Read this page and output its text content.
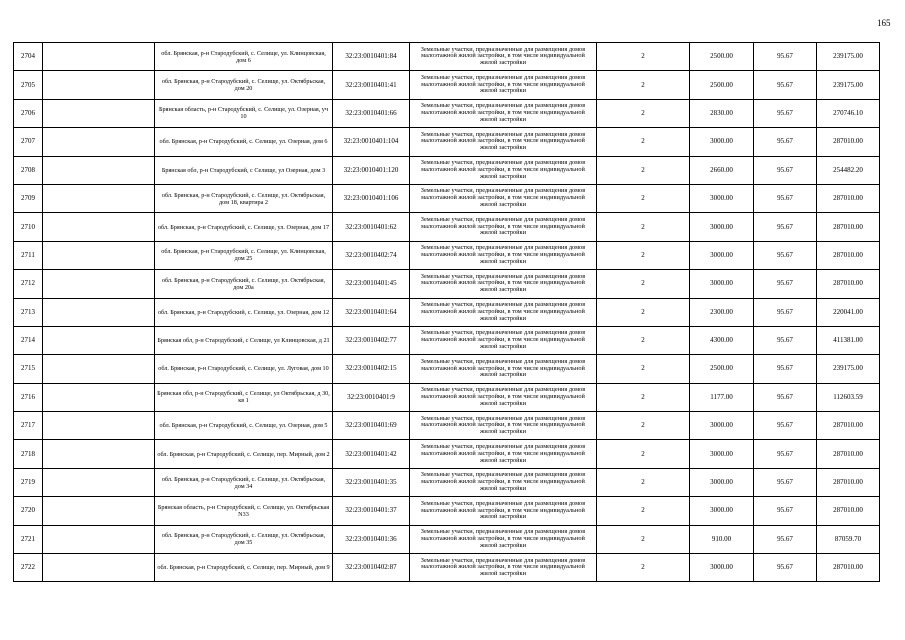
165
2704		обл. Брянская, р-н Стародубский, с. Селище, ул. Клинцовская, дом 6	32:23:0010401:84	Земельные участки, предназначенные для размещения домов малоэтажной жилой застройки, в том числе индивидуальной жилой застройки	2	2500.00	95.67	239175.00
2705		обл. Брянская, р-н Стародубский, с. Селище, ул. Октябрьская, дом 20	32:23:0010401:41	Земельные участки, предназначенные для размещения домов малоэтажной жилой застройки, в том числе индивидуальной жилой застройки	2	2500.00	95.67	239175.00
2706		Брянская область, р-н Стародубский, с. Селище, ул. Озерная, уч 10	32:23:0010401:66	Земельные участки, предназначенные для размещения домов малоэтажной жилой застройки, в том числе индивидуальной жилой застройки	2	2830.00	95.67	270746.10
2707		обл. Брянская, р-н Стародубский, с. Селище, ул. Озерная, дом 6	32:23:0010401:104	Земельные участки, предназначенные для размещения домов малоэтажной жилой застройки, в том числе индивидуальной жилой застройки	2	3000.00	95.67	287010.00
2708		Брянская обл, р-н Стародубский, с Селище, ул Озерная, дом 3	32:23:0010401:120	Земельные участки, предназначенные для размещения домов малоэтажной жилой застройки, в том числе индивидуальной жилой застройки	2	2660.00	95.67	254482.20
2709		обл. Брянская, р-н Стародубский, с. Селище, ул. Октябрьская, дом 18, квартира 2	32:23:0010401:106	Земельные участки, предназначенные для размещения домов малоэтажной жилой застройки, в том числе индивидуальной жилой застройки	2	3000.00	95.67	287010.00
2710		обл. Брянская, р-н Стародубский, с. Селище, ул. Озерная, дом 17	32:23:0010401:62	Земельные участки, предназначенные для размещения домов малоэтажной жилой застройки, в том числе индивидуальной жилой застройки	2	3000.00	95.67	287010.00
2711		обл. Брянская, р-н Стародубский, с. Селище, ул. Клинцовская, дом 25	32:23:0010402:74	Земельные участки, предназначенные для размещения домов малоэтажной жилой застройки, в том числе индивидуальной жилой застройки	2	3000.00	95.67	287010.00
2712		обл. Брянская, р-н Стародубский, с. Селище, ул. Октябрьская, дом 20а	32:23:0010401:45	Земельные участки, предназначенные для размещения домов малоэтажной жилой застройки, в том числе индивидуальной жилой застройки	2	3000.00	95.67	287010.00
2713		обл. Брянская, р-н Стародубский, с. Селище, ул. Озерная, дом 12	32:23:0010401:64	Земельные участки, предназначенные для размещения домов малоэтажной жилой застройки, в том числе индивидуальной жилой застройки	2	2300.00	95.67	220041.00
2714		Брянская обл, р-н Стародубский, с Селище, ул Клинцовская, д 21	32:23:0010402:77	Земельные участки, предназначенные для размещения домов малоэтажной жилой застройки, в том числе индивидуальной жилой застройки	2	4300.00	95.67	411381.00
2715		обл. Брянская, р-н Стародубский, с. Селище, ул. Луговая, дом 10	32:23:0010402:15	Земельные участки, предназначенные для размещения домов малоэтажной жилой застройки, в том числе индивидуальной жилой застройки	2	2500.00	95.67	239175.00
2716		Брянская обл, р-н Стародубский, с Селище, ул Октябрьская, д 30, кв 1	32:23:0010401:9	Земельные участки, предназначенные для размещения домов малоэтажной жилой застройки, в том числе индивидуальной жилой застройки	2	1177.00	95.67	112603.59
2717		обл. Брянская, р-н Стародубский, с. Селище, ул. Озерная, дом 5	32:23:0010401:69	Земельные участки, предназначенные для размещения домов малоэтажной жилой застройки, в том числе индивидуальной жилой застройки	2	3000.00	95.67	287010.00
2718		обл. Брянская, р-н Стародубский, с. Селище, пер. Мирный, дом 2	32:23:0010401:42	Земельные участки, предназначенные для размещения домов малоэтажной жилой застройки, в том числе индивидуальной жилой застройки	2	3000.00	95.67	287010.00
2719		обл. Брянская, р-н Стародубский, с. Селище, ул. Октябрьская, дом 34	32:23:0010401:35	Земельные участки, предназначенные для размещения домов малоэтажной жилой застройки, в том числе индивидуальной жилой застройки	2	3000.00	95.67	287010.00
2720		Брянская область, р-н Стародубский, с. Селище, ул. Октябрьская N33	32:23:0010401:37	Земельные участки, предназначенные для размещения домов малоэтажной жилой застройки, в том числе индивидуальной жилой застройки	2	3000.00	95.67	287010.00
2721		обл. Брянская, р-н Стародубский, с. Селище, ул. Октябрьская, дом 35	32:23:0010401:36	Земельные участки, предназначенные для размещения домов малоэтажной жилой застройки, в том числе индивидуальной жилой застройки	2	910.00	95.67	87059.70
2722		обл. Брянская, р-н Стародубский, с. Селище, пер. Мирный, дом 9	32:23:0010402:87	Земельные участки, предназначенные для размещения домов малоэтажной жилой застройки, в том числе индивидуальной жилой застройки	2	3000.00	95.67	287010.00
